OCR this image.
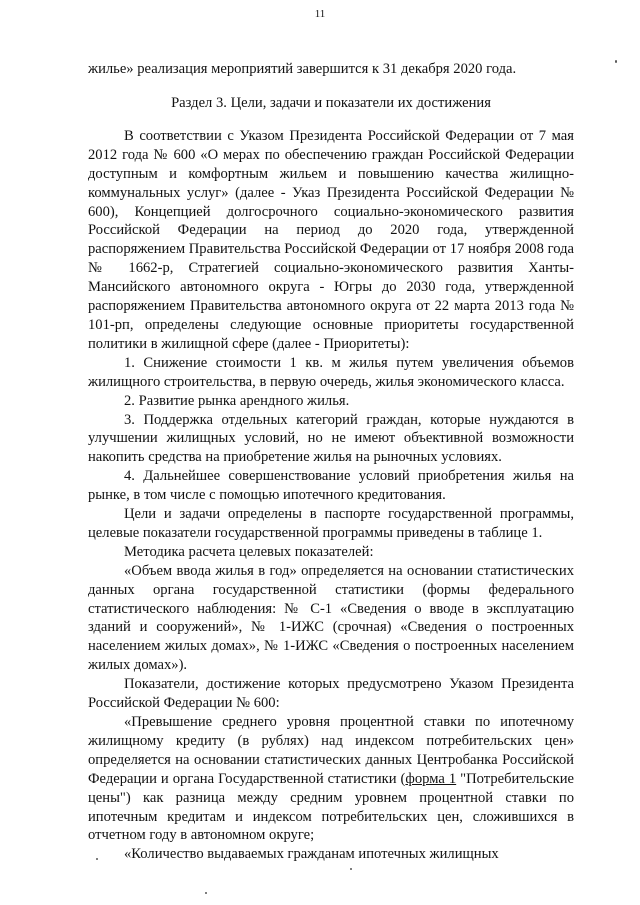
11

жилье» реализация мероприятий завершится к 31 декабря 2020 года.

Раздел 3. Цели, задачи и показатели их достижения

В соответствии с Указом Президента Российской Федерации от 7 мая 2012 года № 600 «О мерах по обеспечению граждан Российской Федерации доступным и комфортным жильем и повышению качества жилищно-коммунальных услуг» (далее - Указ Президента Российской Федерации № 600), Концепцией долгосрочного социально-экономического развития Российской Федерации на период до 2020 года, утвержденной распоряжением Правительства Российской Федерации от 17 ноября 2008 года № 1662-р, Стратегией социально-экономического развития Ханты-Мансийского автономного округа - Югры до 2030 года, утвержденной распоряжением Правительства автономного округа от 22 марта 2013 года № 101-рп, определены следующие основные приоритеты государственной политики в жилищной сфере (далее - Приоритеты):

1. Снижение стоимости 1 кв. м жилья путем увеличения объемов жилищного строительства, в первую очередь, жилья экономического класса.

2. Развитие рынка арендного жилья.

3. Поддержка отдельных категорий граждан, которые нуждаются в улучшении жилищных условий, но не имеют объективной возможности накопить средства на приобретение жилья на рыночных условиях.

4. Дальнейшее совершенствование условий приобретения жилья на рынке, в том числе с помощью ипотечного кредитования.

Цели и задачи определены в паспорте государственной программы, целевые показатели государственной программы приведены в таблице 1.

Методика расчета целевых показателей:

«Объем ввода жилья в год» определяется на основании статистических данных органа государственной статистики (формы федерального статистического наблюдения: № С-1 «Сведения о вводе в эксплуатацию зданий и сооружений», № 1-ИЖС (срочная) «Сведения о построенных населением жилых домах», № 1-ИЖС «Сведения о построенных населением жилых домах»).

Показатели, достижение которых предусмотрено Указом Президента Российской Федерации № 600:

«Превышение среднего уровня процентной ставки по ипотечному жилищному кредиту (в рублях) над индексом потребительских цен» определяется на основании статистических данных Центробанка Российской Федерации и органа Государственной статистики (форма 1 "Потребительские цены") как разница между средним уровнем процентной ставки по ипотечным кредитам и индексом потребительских цен, сложившихся в отчетном году в автономном округе;

«Количество выдаваемых гражданам ипотечных жилищных
